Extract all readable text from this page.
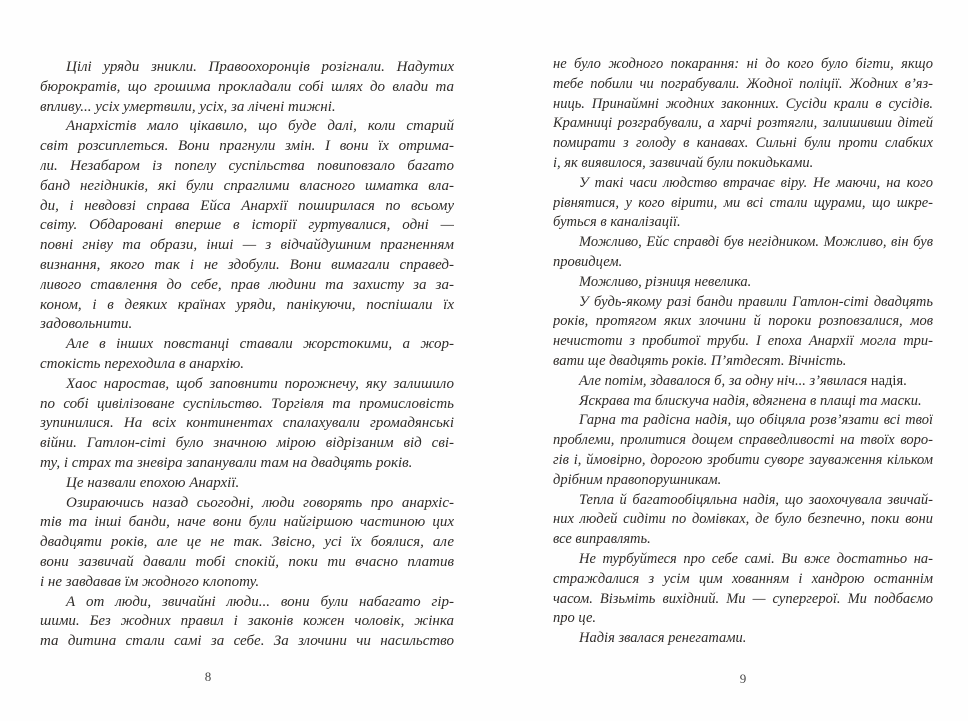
Цілі уряди зникли. Правоохоронців розігнали. Надутих
бюрократів, що грошима прокладали собі шлях до влади та
впливу... усіх умертвили, усіх, за лічені тижні.
Анархістів мало цікавило, що буде далі, коли старий
світ розсиплеться. Вони прагнули змін. І вони їх отрима-
ли. Незабаром із попелу суспільства повиповзало багато
банд негідників, які були спраглими власного шматка вла-
ди, і невдовзі справа Ейса Анархії поширилася по всьому
світу. Обдаровані вперше в історії гуртувалися, одні —
повні гніву та образи, інші — з відчайдушним прагненням
визнання, якого так і не здобули. Вони вимагали справед-
ливого ставлення до себе, прав людини та захисту за за-
коном, і в деяких країнах уряди, панікуючи, поспішали їх
задовольнити.
Але в інших повстанці ставали жорстокими, а жор-
стокість переходила в анархію.
Хаос наростав, щоб заповнити порожнечу, яку залишило
по собі цивілізоване суспільство. Торгівля та промисловість
зупинилися. На всіх континентах спалахували громадянські
війни. Гатлон-сіті було значною мірою відрізаним від сві-
ту, і страх та зневіра запанували там на двадцять років.
Це назвали епохою Анархії.
Озираючись назад сьогодні, люди говорять про анархіс-
тів та інші банди, наче вони були найгіршою частиною цих
двадцяти років, але це не так. Звісно, усі їх боялися, але
вони зазвичай давали тобі спокій, поки ти вчасно платив
і не завдавав їм жодного клопоту.
А от люди, звичайні люди... вони були набагато гір-
шими. Без жодних правил і законів кожен чоловік, жінка
та дитина стали самі за себе. За злочини чи насильство
не було жодного покарання: ні до кого було бігти, якщо
тебе побили чи пограбували. Жодної поліції. Жодних в’яз-
ниць. Принаймні жодних законних. Сусіди крали в сусідів.
Крамниці розграбували, а харчі розтягли, залишивши дітей
помирати з голоду в канавах. Сильні були проти слабких
і, як виявилося, зазвичай були покидьками.
У такі часи людство втрачає віру. Не маючи, на кого
рівнятися, у кого вірити, ми всі стали щурами, що шкре-
буться в каналізації.
Можливо, Ейс справді був негідником. Можливо, він був
провидцем.
Можливо, різниця невелика.
У будь-якому разі банди правили Гатлон-сіті двадцять
років, протягом яких злочини й пороки розповзалися, мов
нечистоти з пробитої труби. І епоха Анархії могла три-
вати ще двадцять років. П’ятдесят. Вічність.
Але потім, здавалося б, за одну ніч... з’явилася надія.
Яскрава та блискуча надія, вдягнена в плащі та маски.
Гарна та радісна надія, що обіцяла розв’язати всі твої
проблеми, пролитися дощем справедливості на твоїх воро-
гів і, ймовірно, дорогою зробити суворе зауваження кільком
дрібним правопорушникам.
Тепла й багатообіцяльна надія, що заохочувала звичай-
них людей сидіти по домівках, де було безпечно, поки вони
все виправлять.
Не турбуйтеся про себе самі. Ви вже достатньо на-
страждалися з усім цим хованням і хандрою останнім
часом. Візьміть вихідний. Ми — супергерої. Ми подбаємо
про це.
Надія звалася ренегатами.
8	9
